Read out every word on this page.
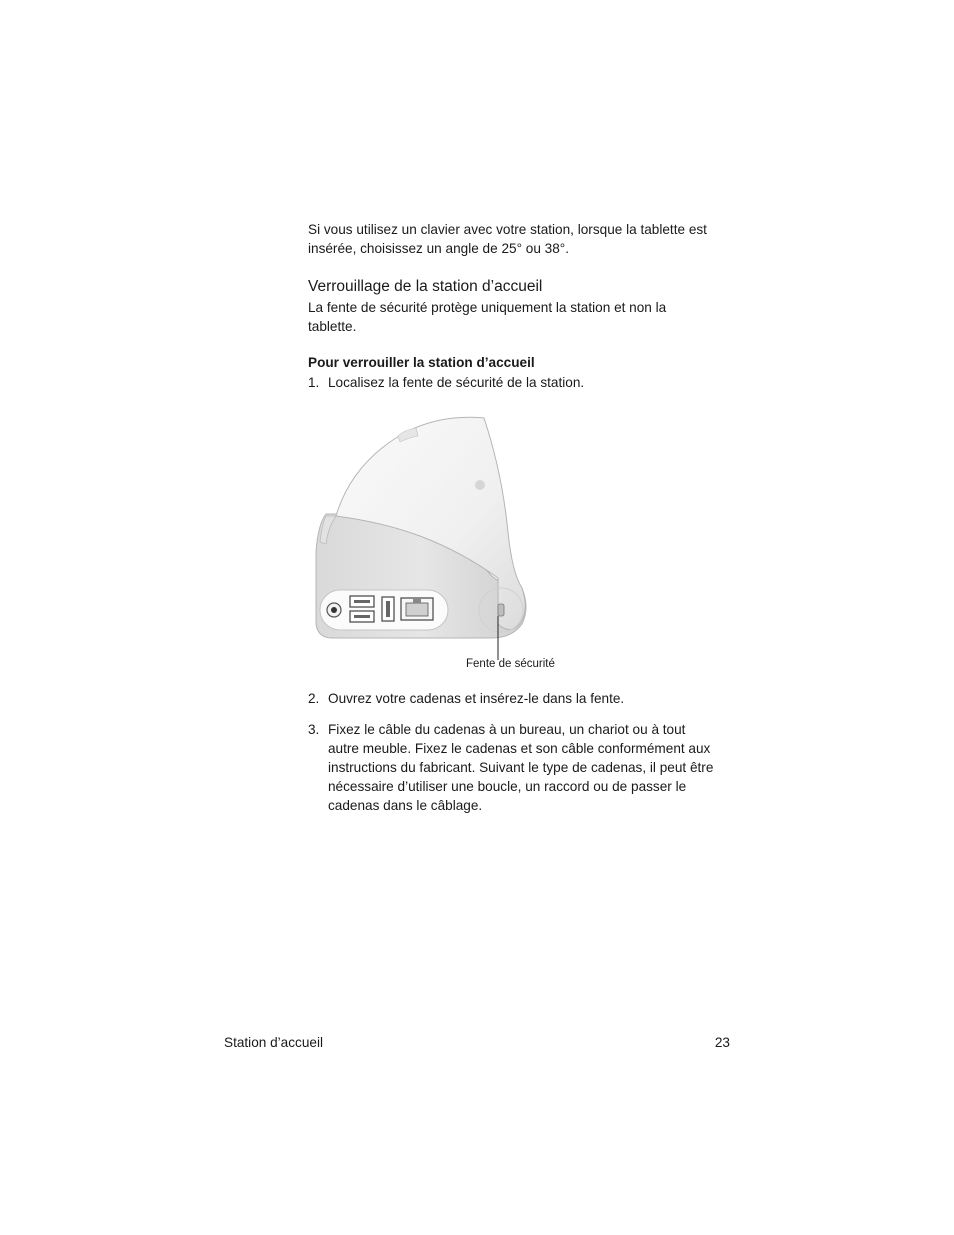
Si vous utilisez un clavier avec votre station, lorsque la tablette est insérée, choisissez un angle de 25° ou 38°.

Verrouillage de la station d’accueil

La fente de sécurité protège uniquement la station et non la tablette.

Pour verrouiller la station d’accueil

1. Localisez la fente de sécurité de la station.
Fente de sécurité
2. Ouvrez votre cadenas et insérez-le dans la fente.
3. Fixez le câble du cadenas à un bureau, un chariot ou à tout autre meuble. Fixez le cadenas et son câble conformément aux instructions du fabricant. Suivant le type de cadenas, il peut être nécessaire d’utiliser une boucle, un raccord ou de passer le cadenas dans le câblage.
Station d’accueil	23
